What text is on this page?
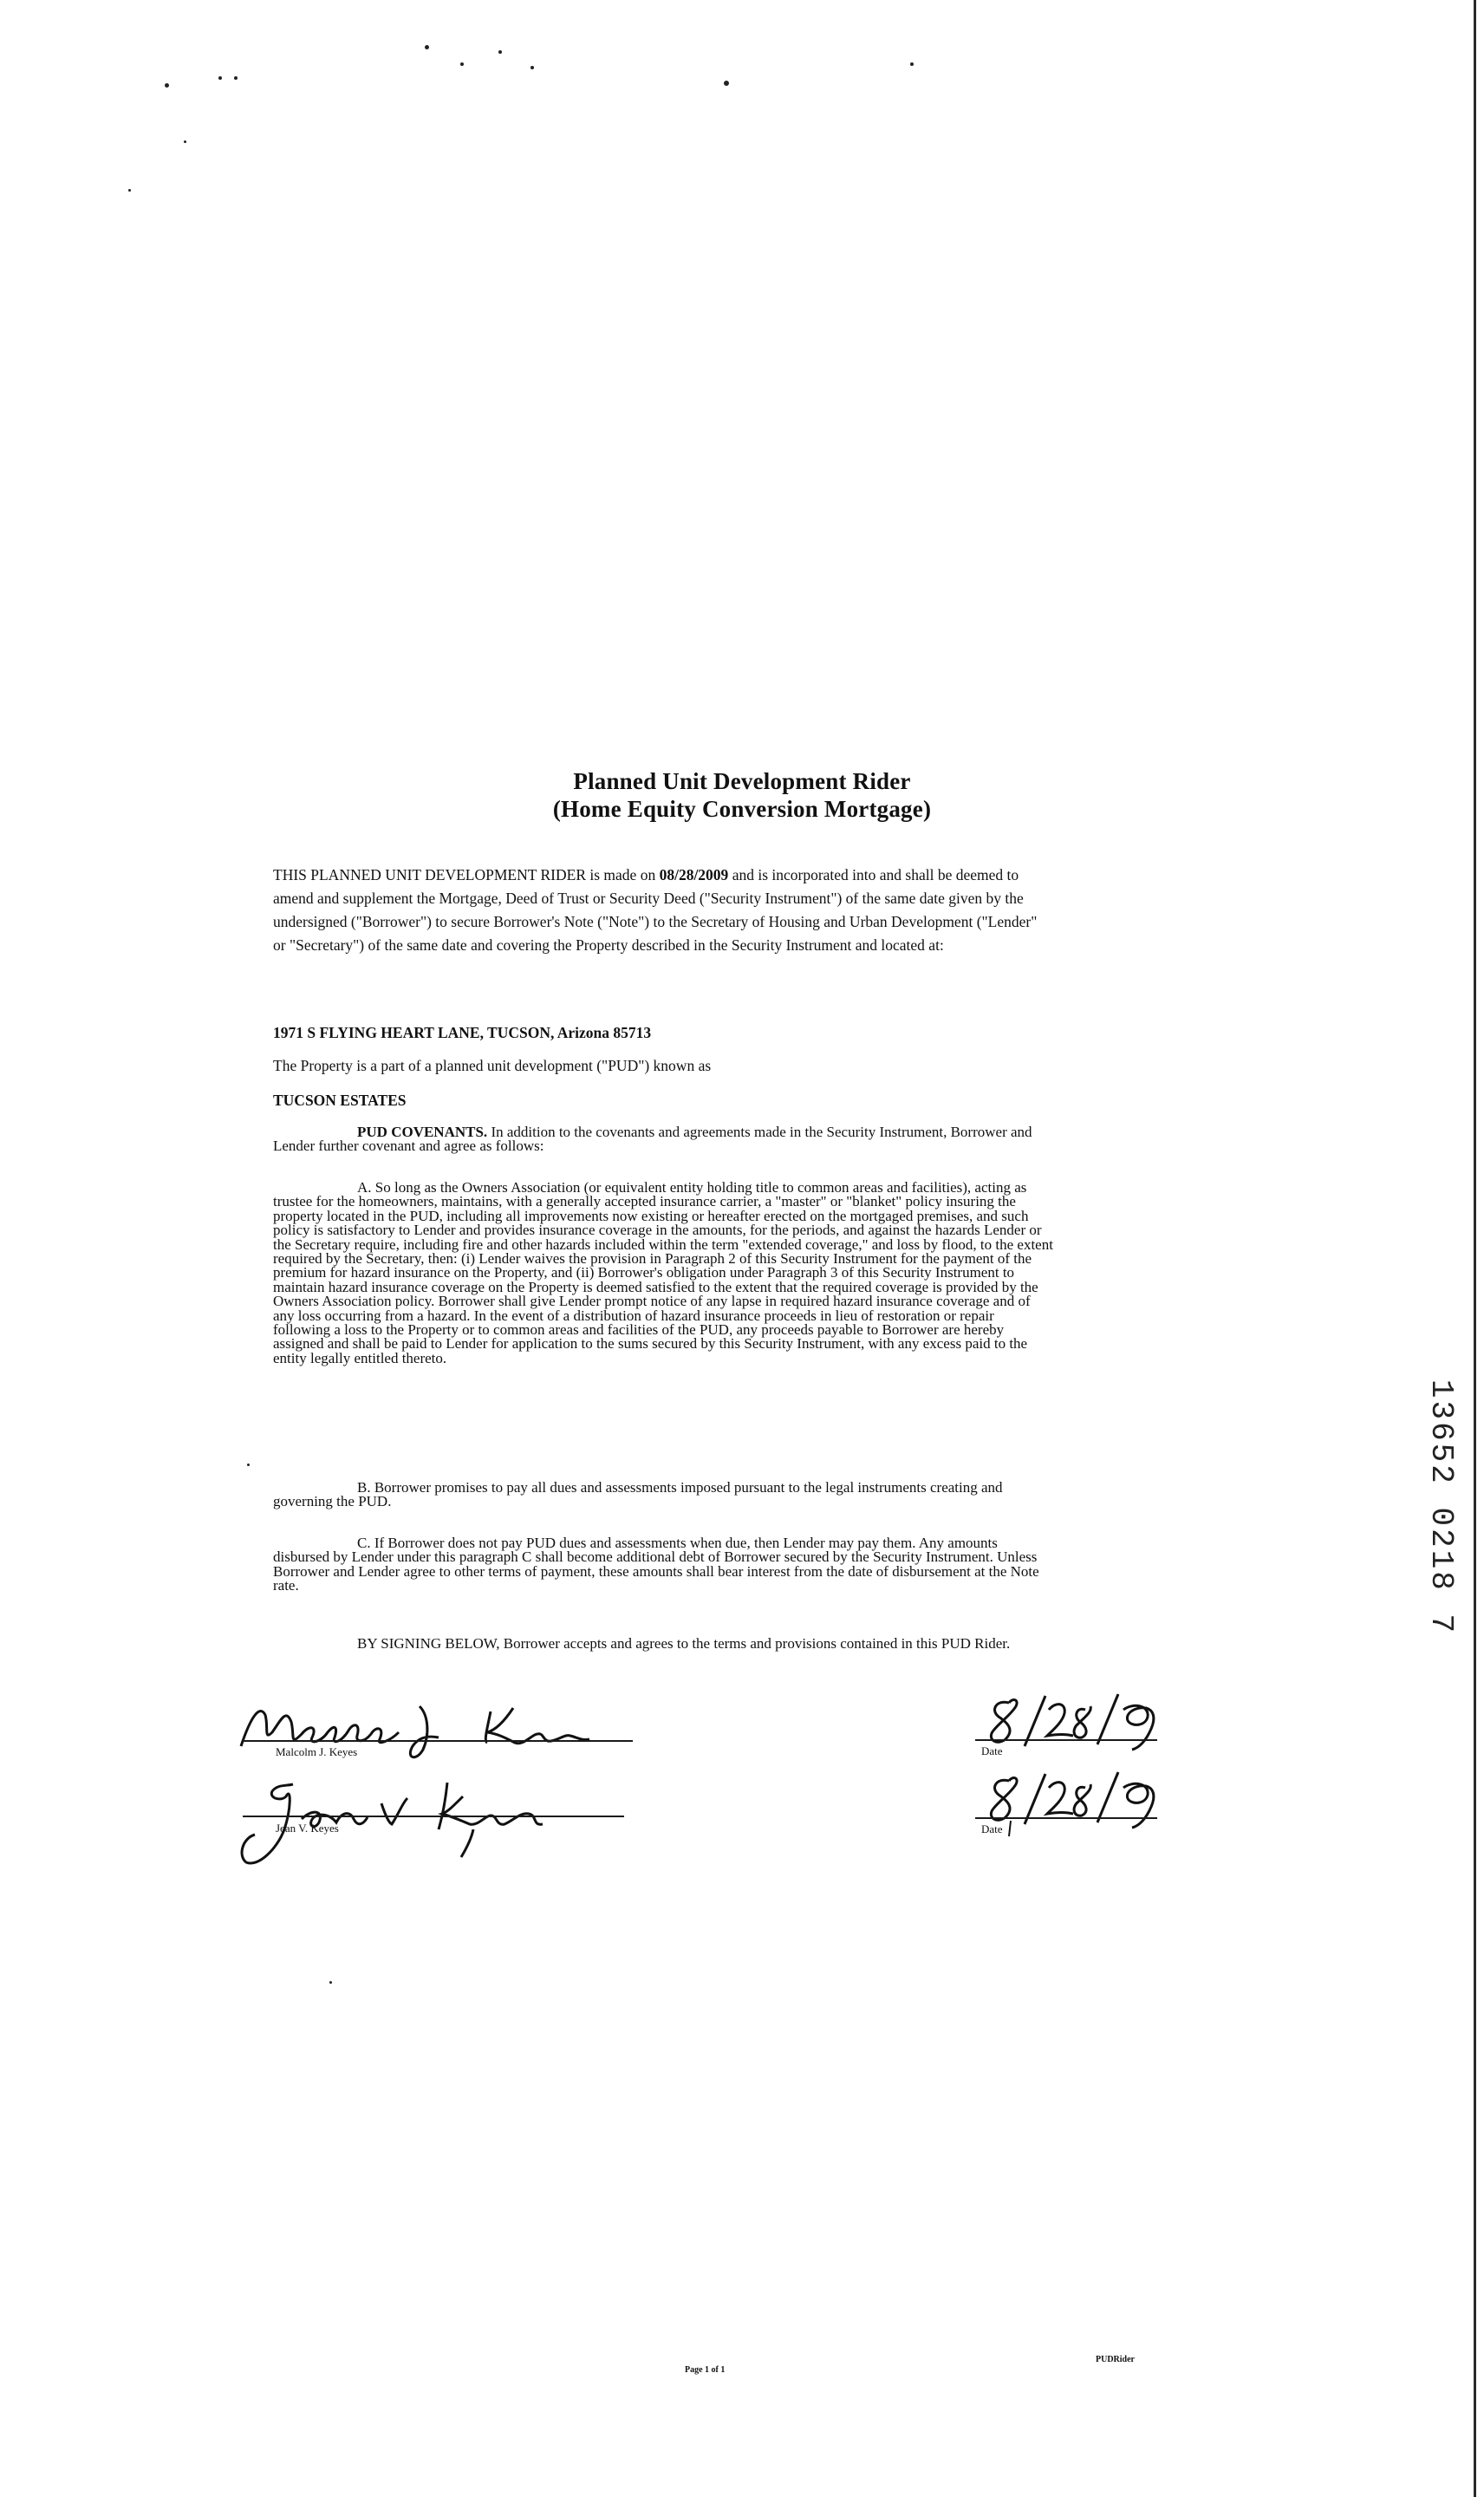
Planned Unit Development Rider
(Home Equity Conversion Mortgage)
THIS PLANNED UNIT DEVELOPMENT RIDER is made on 08/28/2009 and is incorporated into and shall be deemed to amend and supplement the Mortgage, Deed of Trust or Security Deed ("Security Instrument") of the same date given by the undersigned ("Borrower") to secure Borrower's Note ("Note") to the Secretary of Housing and Urban Development ("Lender" or "Secretary") of the same date and covering the Property described in the Security Instrument and located at:
1971 S FLYING HEART LANE, TUCSON, Arizona 85713
The Property is a part of a planned unit development ("PUD") known as
TUCSON ESTATES
PUD COVENANTS. In addition to the covenants and agreements made in the Security Instrument, Borrower and Lender further covenant and agree as follows:
A. So long as the Owners Association (or equivalent entity holding title to common areas and facilities), acting as trustee for the homeowners, maintains, with a generally accepted insurance carrier, a "master" or "blanket" policy insuring the property located in the PUD, including all improvements now existing or hereafter erected on the mortgaged premises, and such policy is satisfactory to Lender and provides insurance coverage in the amounts, for the periods, and against the hazards Lender or the Secretary require, including fire and other hazards included within the term "extended coverage," and loss by flood, to the extent required by the Secretary, then: (i) Lender waives the provision in Paragraph 2 of this Security Instrument for the payment of the premium for hazard insurance on the Property, and (ii) Borrower's obligation under Paragraph 3 of this Security Instrument to maintain hazard insurance coverage on the Property is deemed satisfied to the extent that the required coverage is provided by the Owners Association policy. Borrower shall give Lender prompt notice of any lapse in required hazard insurance coverage and of any loss occurring from a hazard. In the event of a distribution of hazard insurance proceeds in lieu of restoration or repair following a loss to the Property or to common areas and facilities of the PUD, any proceeds payable to Borrower are hereby assigned and shall be paid to Lender for application to the sums secured by this Security Instrument, with any excess paid to the entity legally entitled thereto.
B. Borrower promises to pay all dues and assessments imposed pursuant to the legal instruments creating and governing the PUD.
C. If Borrower does not pay PUD dues and assessments when due, then Lender may pay them. Any amounts disbursed by Lender under this paragraph C shall become additional debt of Borrower secured by the Security Instrument. Unless Borrower and Lender agree to other terms of payment, these amounts shall bear interest from the date of disbursement at the Note rate.
BY SIGNING BELOW, Borrower accepts and agrees to the terms and provisions contained in this PUD Rider.
Malcolm J. Keyes
Jean V. Keyes
Date
Date
Page 1 of 1
PUDRider
13652 0218 7
